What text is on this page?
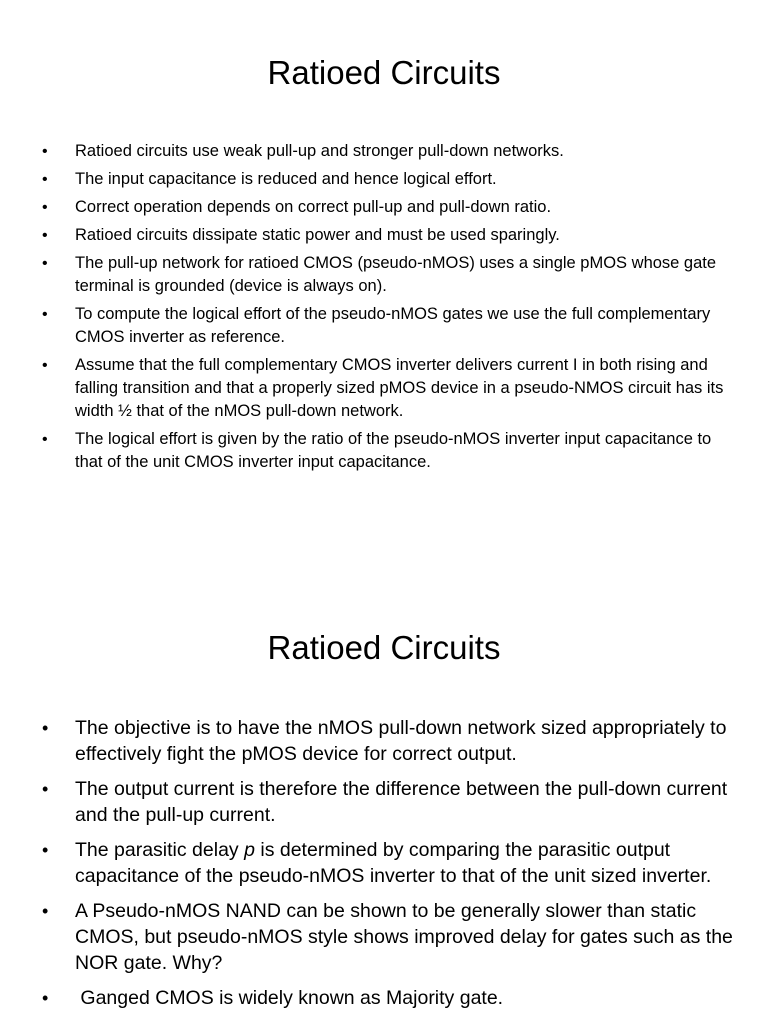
Ratioed Circuits
• Ratioed circuits use weak pull-up and stronger pull-down networks.
• The input capacitance is reduced and hence logical effort.
• Correct operation depends on correct pull-up and pull-down ratio.
• Ratioed circuits dissipate static power and must be used sparingly.
• The pull-up network for ratioed CMOS (pseudo-nMOS) uses a single pMOS whose gate terminal is grounded (device is always on).
• To compute the logical effort of the pseudo-nMOS gates we use the full complementary CMOS inverter as reference.
• Assume that the full complementary CMOS inverter delivers current I in both rising and falling transition and that a properly sized pMOS device in a pseudo-NMOS circuit has its width ½ that of the nMOS pull-down network.
• The logical effort is given by the ratio of the pseudo-nMOS inverter input capacitance to that of the unit CMOS inverter input capacitance.
Ratioed Circuits
• The objective is to have the nMOS pull-down network sized appropriately to effectively fight the pMOS device for correct output.
• The output current is therefore the difference between the pull-down current and the pull-up current.
• The parasitic delay p is determined by comparing the parasitic output capacitance of the pseudo-nMOS inverter to that of the unit sized inverter.
• A Pseudo-nMOS NAND can be shown to be generally slower than static CMOS, but pseudo-nMOS style shows improved delay for gates such as the NOR gate. Why?
• Ganged CMOS is widely known as Majority gate.
